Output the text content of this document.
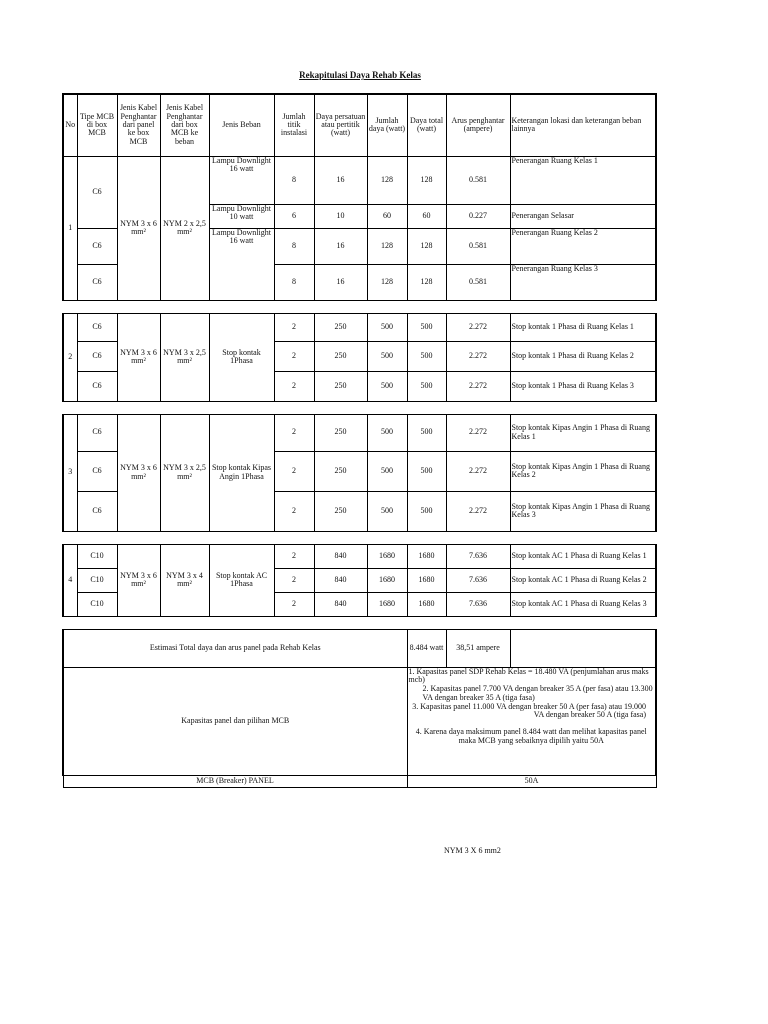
Rekapitulasi Daya Rehab Kelas
No	Tipe MCB di box MCB	Jenis Kabel Penghantar dari panel ke box MCB	Jenis Kabel Penghantar dari box MCB ke beban	Jenis Beban	Jumlah titik instalasi	Daya persatuan atau pertitik (watt)	Jumlah daya (watt)	Daya total (watt)	Arus penghantar (ampere)	Keterangan lokasi dan keterangan beban lainnya
1	C6	NYM 3 x 6 mm²	NYM 2 x 2,5 mm²	Lampu Downlight 16 watt	8	16	128	128	0.581	Penerangan Ruang Kelas 1
				Lampu Downlight 10 watt	6	10	60	60	0.227	Penerangan Selasar
	C6			Lampu Downlight 16 watt	8	16	128	128	0.581	Penerangan Ruang Kelas 2
	C6				8	16	128	128	0.581	Penerangan Ruang Kelas 3

2	C6	NYM 3 x 6 mm²	NYM 3 x 2,5 mm²	Stop kontak 1Phasa	2	250	500	500	2.272	Stop kontak 1 Phasa di Ruang Kelas 1
	C6				2	250	500	500	2.272	Stop kontak 1 Phasa di Ruang Kelas 2
	C6				2	250	500	500	2.272	Stop kontak 1 Phasa di Ruang Kelas 3

3	C6	NYM 3 x 6 mm²	NYM 3 x 2,5 mm²	Stop kontak Kipas Angin 1Phasa	2	250	500	500	2.272	Stop kontak Kipas Angin 1 Phasa di Ruang Kelas 1
	C6				2	250	500	500	2.272	Stop kontak Kipas Angin 1 Phasa di Ruang Kelas 2
	C6				2	250	500	500	2.272	Stop kontak Kipas Angin 1 Phasa di Ruang Kelas 3

4	C10	NYM 3 x 6 mm²	NYM 3 x 4 mm²	Stop kontak AC 1Phasa	2	840	1680	1680	7.636	Stop kontak AC 1 Phasa di Ruang Kelas 1
	C10				2	840	1680	1680	7.636	Stop kontak AC 1 Phasa di Ruang Kelas 2
	C10				2	840	1680	1680	7.636	Stop kontak AC 1 Phasa di Ruang Kelas 3

Estimasi Total daya dan arus panel pada Rehab Kelas								8.484 watt	38,51 ampere	
Kapasitas panel dan pilihan MCB								1. Kapasitas panel SDP Rehab Kelas = 18.480 VA (penjumlahan arus maks mcb)
2. Kapasitas panel 7.700 VA dengan breaker 35 A (per fasa) atau 13.300 VA dengan breaker 35 A (tiga fasa)
3. Kapasitas panel 11.000 VA dengan breaker 50 A (per fasa) atau 19.000 VA dengan breaker 50 A (tiga fasa)
4. Karena daya maksimum panel 8.484 watt dan melihat kapasitas panel maka MCB yang sebaiknya dipilih yaitu 50A		

MCB (Breaker) PANEL								50A		
NYM 3 X 6 mm2
